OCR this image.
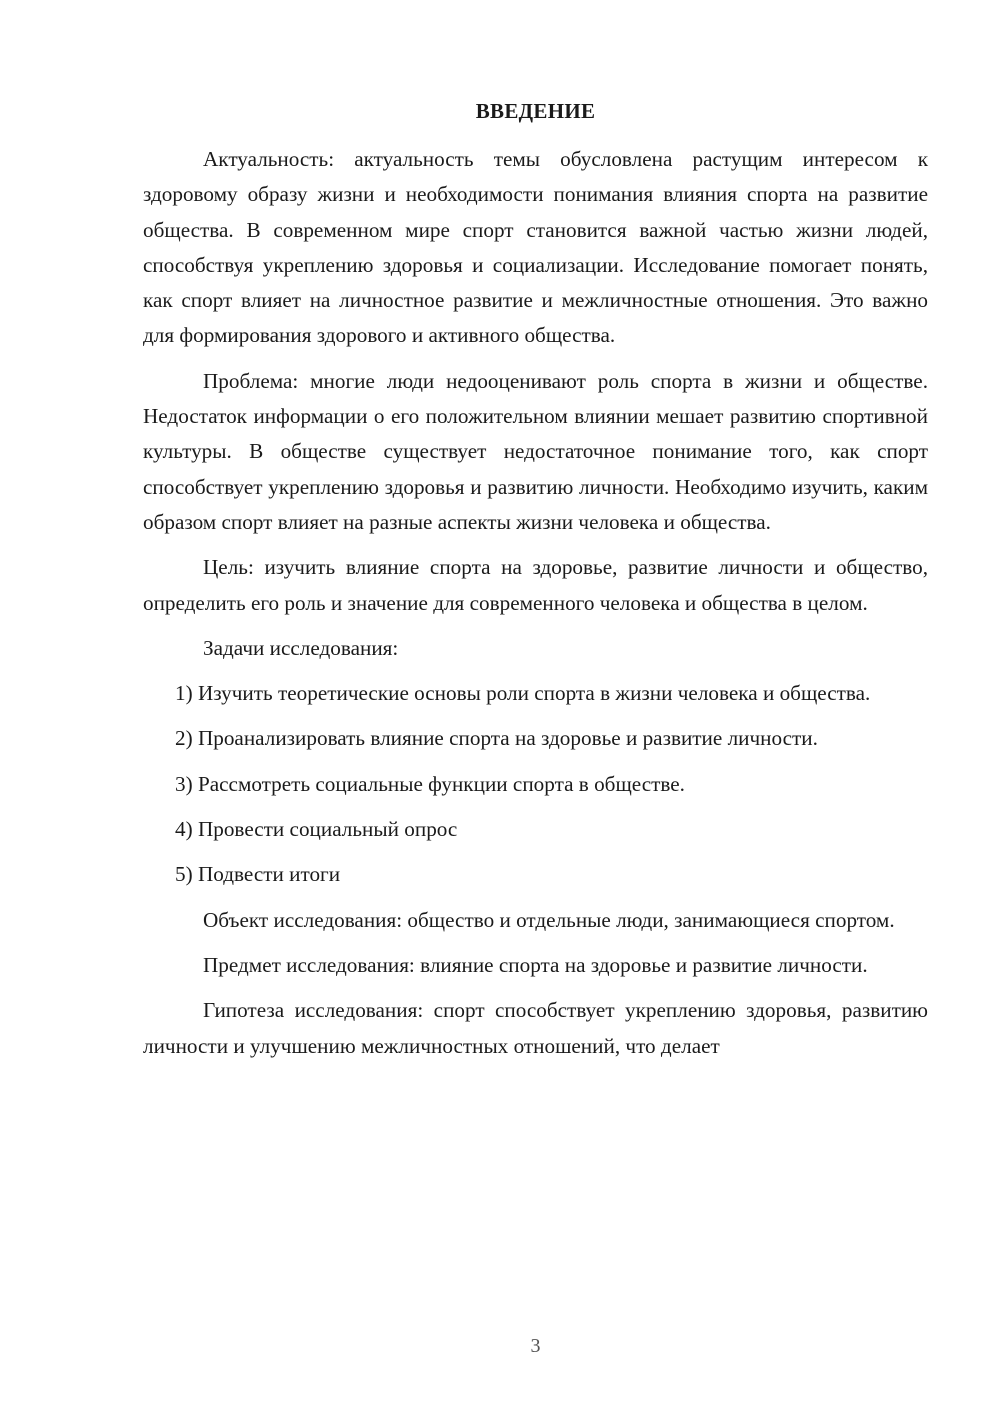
ВВЕДЕНИЕ

Актуальность: актуальность темы обусловлена растущим интересом к здоровому образу жизни и необходимости понимания влияния спорта на развитие общества. В современном мире спорт становится важной частью жизни людей, способствуя укреплению здоровья и социализации. Исследование помогает понять, как спорт влияет на личностное развитие и межличностные отношения. Это важно для формирования здорового и активного общества.

Проблема: многие люди недооценивают роль спорта в жизни и обществе. Недостаток информации о его положительном влиянии мешает развитию спортивной культуры. В обществе существует недостаточное понимание того, как спорт способствует укреплению здоровья и развитию личности. Необходимо изучить, каким образом спорт влияет на разные аспекты жизни человека и общества.

Цель: изучить влияние спорта на здоровье, развитие личности и общество, определить его роль и значение для современного человека и общества в целом.

Задачи исследования:

1) Изучить теоретические основы роли спорта в жизни человека и общества.

2) Проанализировать влияние спорта на здоровье и развитие личности.

3) Рассмотреть социальные функции спорта в обществе.

4) Провести социальный опрос

5) Подвести итоги

Объект исследования: общество и отдельные люди, занимающиеся спортом.

Предмет исследования: влияние спорта на здоровье и развитие личности.

Гипотеза исследования: спорт способствует укреплению здоровья, развитию личности и улучшению межличностных отношений, что делает

3
